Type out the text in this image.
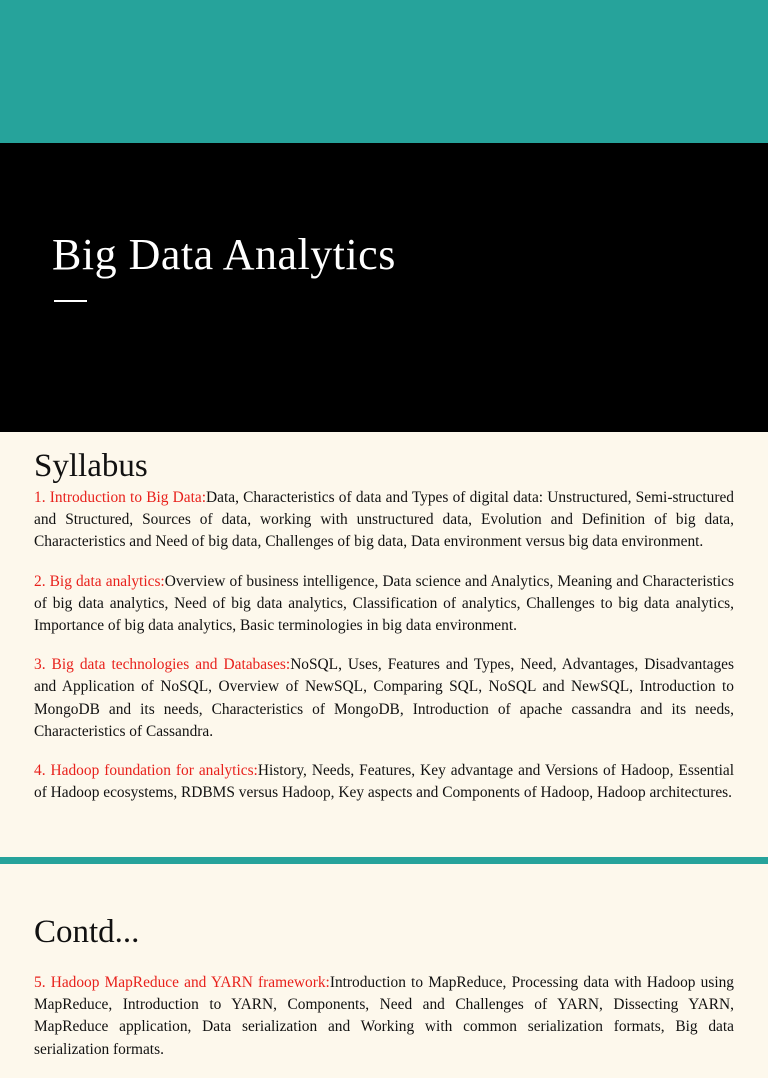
Big Data Analytics
Syllabus

1. Introduction to Big Data:Data, Characteristics of data and Types of digital data: Unstructured, Semi-structured and Structured, Sources of data, working with unstructured data, Evolution and Definition of big data, Characteristics and Need of big data, Challenges of big data, Data environment versus big data environment.

2. Big data analytics:Overview of business intelligence, Data science and Analytics, Meaning and Characteristics of big data analytics, Need of big data analytics, Classification of analytics, Challenges to big data analytics, Importance of big data analytics, Basic terminologies in big data environment.

3. Big data technologies and Databases:NoSQL, Uses, Features and Types, Need, Advantages, Disadvantages and Application of NoSQL, Overview of NewSQL, Comparing SQL, NoSQL and NewSQL, Introduction to MongoDB and its needs, Characteristics of MongoDB, Introduction of apache cassandra and its needs, Characteristics of Cassandra.

4. Hadoop foundation for analytics:History, Needs, Features, Key advantage and Versions of Hadoop, Essential of Hadoop ecosystems, RDBMS versus Hadoop, Key aspects and Components of Hadoop, Hadoop architectures.

Contd...

5. Hadoop MapReduce and YARN framework:Introduction to MapReduce, Processing data with Hadoop using MapReduce, Introduction to YARN, Components, Need and Challenges of YARN, Dissecting YARN, MapReduce application, Data serialization and Working with common serialization formats, Big data serialization formats.
